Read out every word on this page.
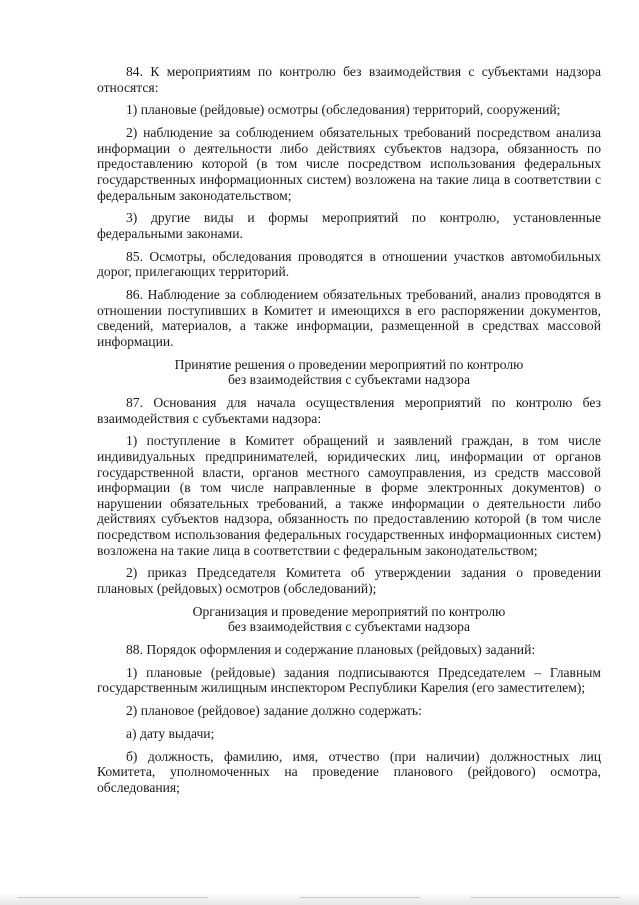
84. К мероприятиям по контролю без взаимодействия с субъектами надзора относятся:

1) плановые (рейдовые) осмотры (обследования) территорий, сооружений;

2) наблюдение за соблюдением обязательных требований посредством анализа информации о деятельности либо действиях субъектов надзора, обязанность по предоставлению которой (в том числе посредством использования федеральных государственных информационных систем) возложена на такие лица в соответствии с федеральным законодательством;

3) другие виды и формы мероприятий по контролю, установленные федеральными законами.

85. Осмотры, обследования проводятся в отношении участков автомобильных дорог, прилегающих территорий.

86. Наблюдение за соблюдением обязательных требований, анализ проводятся в отношении поступивших в Комитет и имеющихся в его распоряжении документов, сведений, материалов, а также информации, размещенной в средствах массовой информации.

Принятие решения о проведении мероприятий по контролю
без взаимодействия с субъектами надзора

87. Основания для начала осуществления мероприятий по контролю без взаимодействия с субъектами надзора:

1) поступление в Комитет обращений и заявлений граждан, в том числе индивидуальных предпринимателей, юридических лиц, информации от органов государственной власти, органов местного самоуправления, из средств массовой информации (в том числе направленные в форме электронных документов) о нарушении обязательных требований, а также информации о деятельности либо действиях субъектов надзора, обязанность по предоставлению которой (в том числе посредством использования федеральных государственных информационных систем) возложена на такие лица в соответствии с федеральным законодательством;

2) приказ Председателя Комитета об утверждении задания о проведении плановых (рейдовых) осмотров (обследований);

Организация и проведение мероприятий по контролю
без взаимодействия с субъектами надзора

88. Порядок оформления и содержание плановых (рейдовых) заданий:

1) плановые (рейдовые) задания подписываются Председателем – Главным государственным жилищным инспектором Республики Карелия (его заместителем);

2) плановое (рейдовое) задание должно содержать:

а) дату выдачи;

б) должность, фамилию, имя, отчество (при наличии) должностных лиц Комитета, уполномоченных на проведение планового (рейдового) осмотра, обследования;
